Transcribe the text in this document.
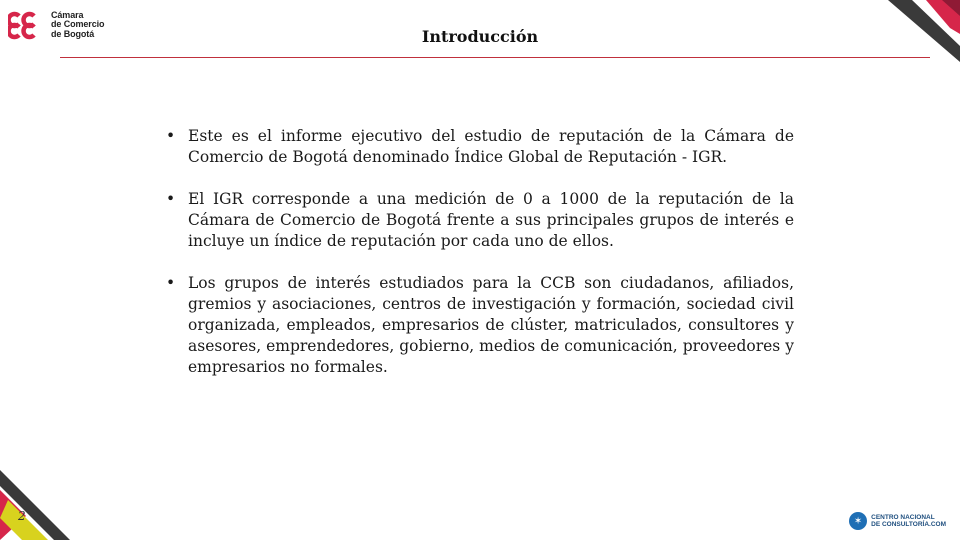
Cámara
de Comercio
de Bogotá	Introducción
• Este es el informe ejecutivo del estudio de reputación de la Cámara de Comercio de Bogotá denominado Índice Global de Reputación - IGR.
• El IGR corresponde a una medición de 0 a 1000 de la reputación de la Cámara de Comercio de Bogotá frente a sus principales grupos de interés e incluye un índice de reputación por cada uno de ellos.
• Los grupos de interés estudiados para la CCB son ciudadanos, afiliados, gremios y asociaciones, centros de investigación y formación, sociedad civil organizada, empleados, empresarios de clúster, matriculados, consultores y asesores, emprendedores, gobierno, medios de comunicación, proveedores y empresarios no formales.
2	✶	CENTRO NACIONAL
DE CONSULTORÍA.COM
